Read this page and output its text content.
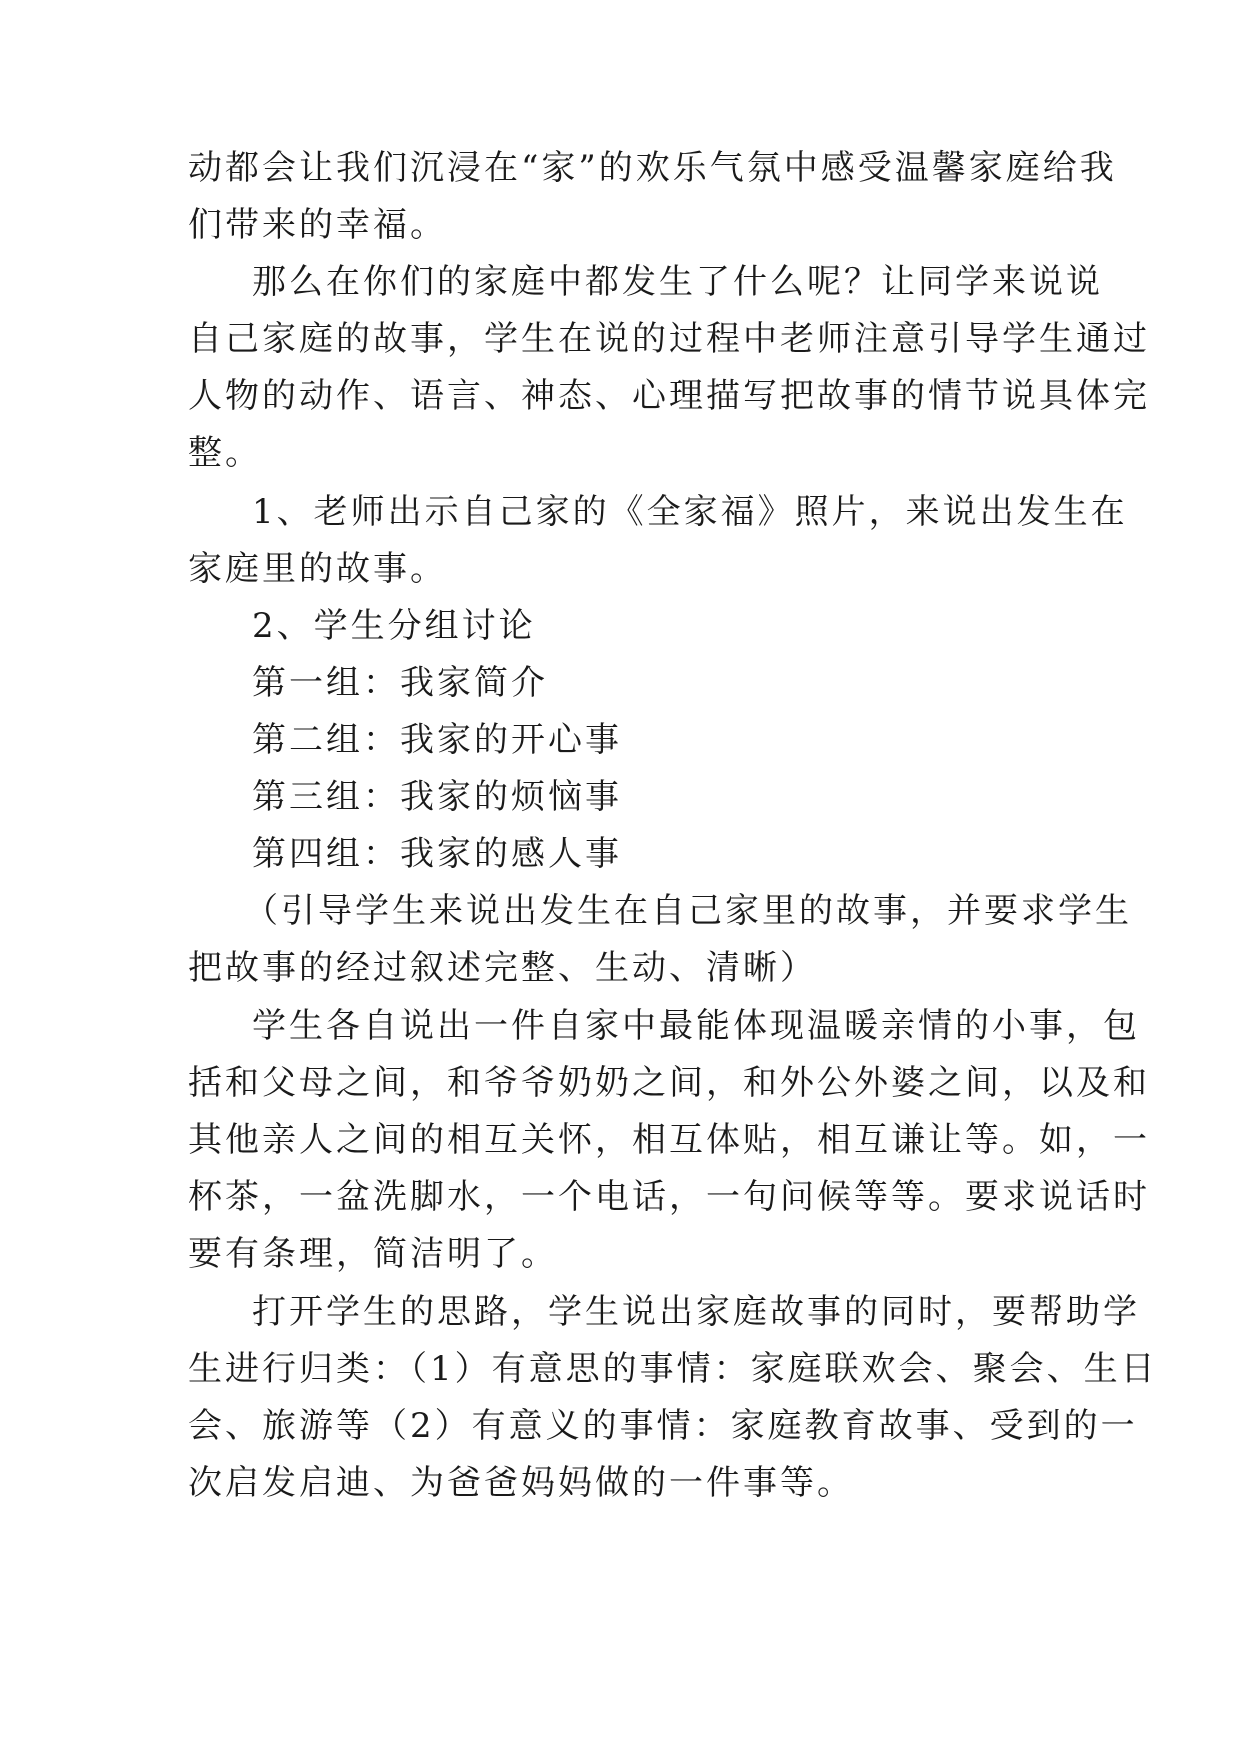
动都会让我们沉浸在“家”的欢乐气氛中感受温馨家庭给我
们带来的幸福。
那么在你们的家庭中都发生了什么呢？让同学来说说
自己家庭的故事，学生在说的过程中老师注意引导学生通过
人物的动作、语言、神态、心理描写把故事的情节说具体完
整。
1、老师出示自己家的《全家福》照片，来说出发生在
家庭里的故事。
2、学生分组讨论
第一组：我家简介
第二组：我家的开心事
第三组：我家的烦恼事
第四组：我家的感人事
（引导学生来说出发生在自己家里的故事，并要求学生
把故事的经过叙述完整、生动、清晰）
学生各自说出一件自家中最能体现温暖亲情的小事，包
括和父母之间，和爷爷奶奶之间，和外公外婆之间，以及和
其他亲人之间的相互关怀，相互体贴，相互谦让等。如，一
杯茶，一盆洗脚水，一个电话，一句问候等等。要求说话时
要有条理，简洁明了。
打开学生的思路，学生说出家庭故事的同时，要帮助学
生进行归类：（1）有意思的事情：家庭联欢会、聚会、生日
会、旅游等（2）有意义的事情：家庭教育故事、受到的一
次启发启迪、为爸爸妈妈做的一件事等。
